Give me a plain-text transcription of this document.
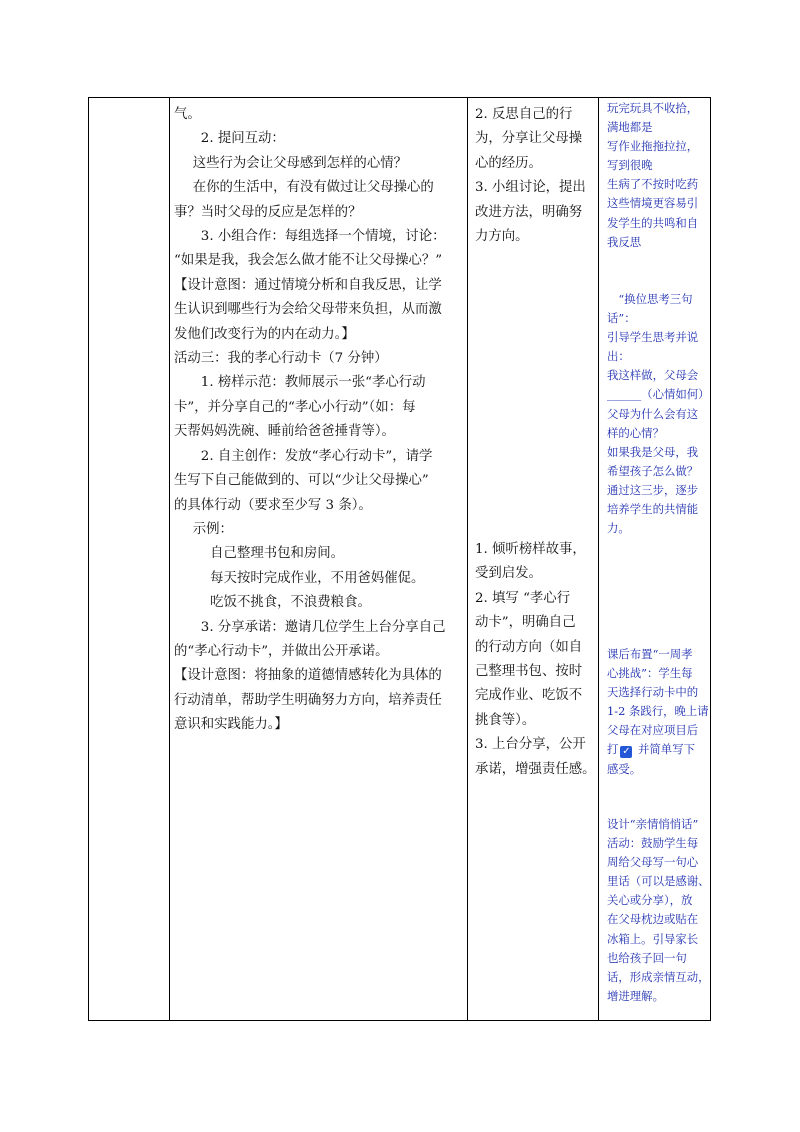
气。

2. 提问互动：

这些行为会让父母感到怎样的心情？

在你的生活中，有没有做过让父母操心的

事？当时父母的反应是怎样的？

3. 小组合作：每组选择一个情境，讨论：

“如果是我，我会怎么做才能不让父母操心？”

【设计意图：通过情境分析和自我反思，让学

生认识到哪些行为会给父母带来负担，从而激

发他们改变行为的内在动力。】

活动三：我的孝心行动卡（7 分钟）

1. 榜样示范：教师展示一张“孝心行动

卡”，并分享自己的“孝心小行动”（如：每

天帮妈妈洗碗、睡前给爸爸捶背等）。

2. 自主创作：发放“孝心行动卡”，请学

生写下自己能做到的、可以“少让父母操心”

的具体行动（要求至少写 3 条）。

示例：

自己整理书包和房间。

每天按时完成作业，不用爸妈催促。

吃饭不挑食，不浪费粮食。

3. 分享承诺：邀请几位学生上台分享自己

的“孝心行动卡”，并做出公开承诺。

【设计意图：将抽象的道德情感转化为具体的

行动清单，帮助学生明确努力方向，培养责任

意识和实践能力。】

2. 反思自己的行

为，分享让父母操

心的经历。

3. 小组讨论，提出

改进方法，明确努

力方向。

1. 倾听榜样故事，

受到启发。

2. 填写 “孝心行

动卡”，明确自己

的行动方向（如自

己整理书包、按时

完成作业、吃饭不

挑食等）。

3. 上台分享，公开

承诺，增强责任感。

玩完玩具不收拾，

满地都是

写作业拖拖拉拉，

写到很晚

生病了不按时吃药

这些情境更容易引

发学生的共鸣和自

我反思

“换位思考三句

话”：

引导学生思考并说

出：

我这样做，父母会

______（心情如何）

父母为什么会有这

样的心情？

如果我是父母，我

希望孩子怎么做？

通过这三步，逐步

培养学生的共情能

力。

课后布置“一周孝

心挑战”：学生每

天选择行动卡中的

1-2 条践行，晚上请

父母在对应项目后

打 ✓ 并简单写下

感受。

设计“亲情悄悄话”

活动：鼓励学生每

周给父母写一句心

里话（可以是感谢、

关心或分享），放

在父母枕边或贴在

冰箱上。引导家长

也给孩子回一句

话，形成亲情互动，

增进理解。
